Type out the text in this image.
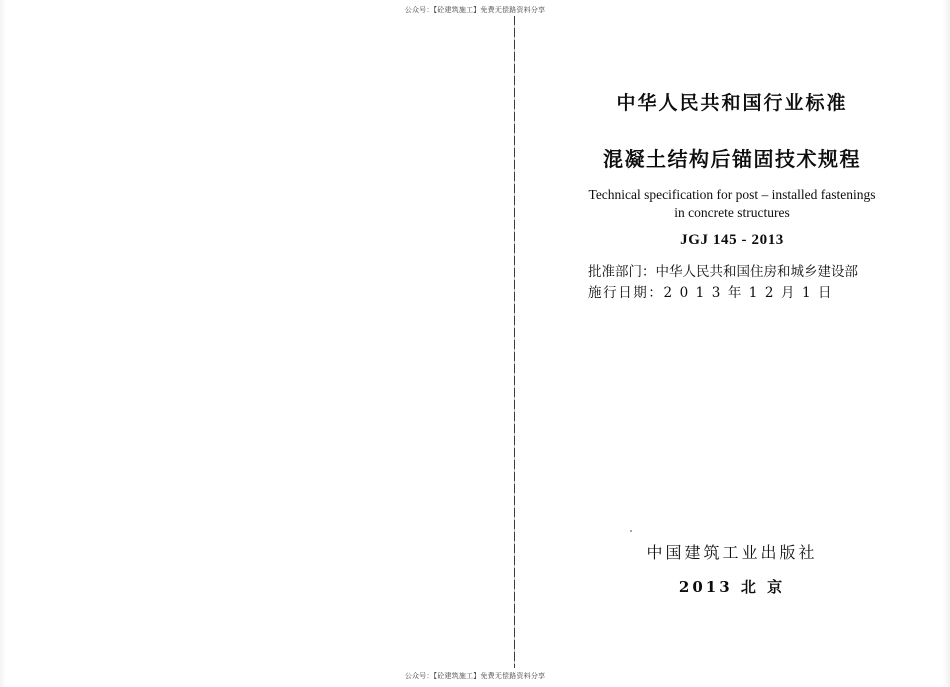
公众号：【砼建筑施工】免费无偿路资料分享
中华人民共和国行业标准
混凝土结构后锚固技术规程
Technical specification for post – installed fastenings
in concrete structures
JGJ 145 - 2013
批准部门：中华人民共和国住房和城乡建设部
施行日期：2 0 1 3 年 1 2 月 1 日
中国建筑工业出版社
2013 北 京
公众号：【砼建筑施工】免费无偿路资料分享
